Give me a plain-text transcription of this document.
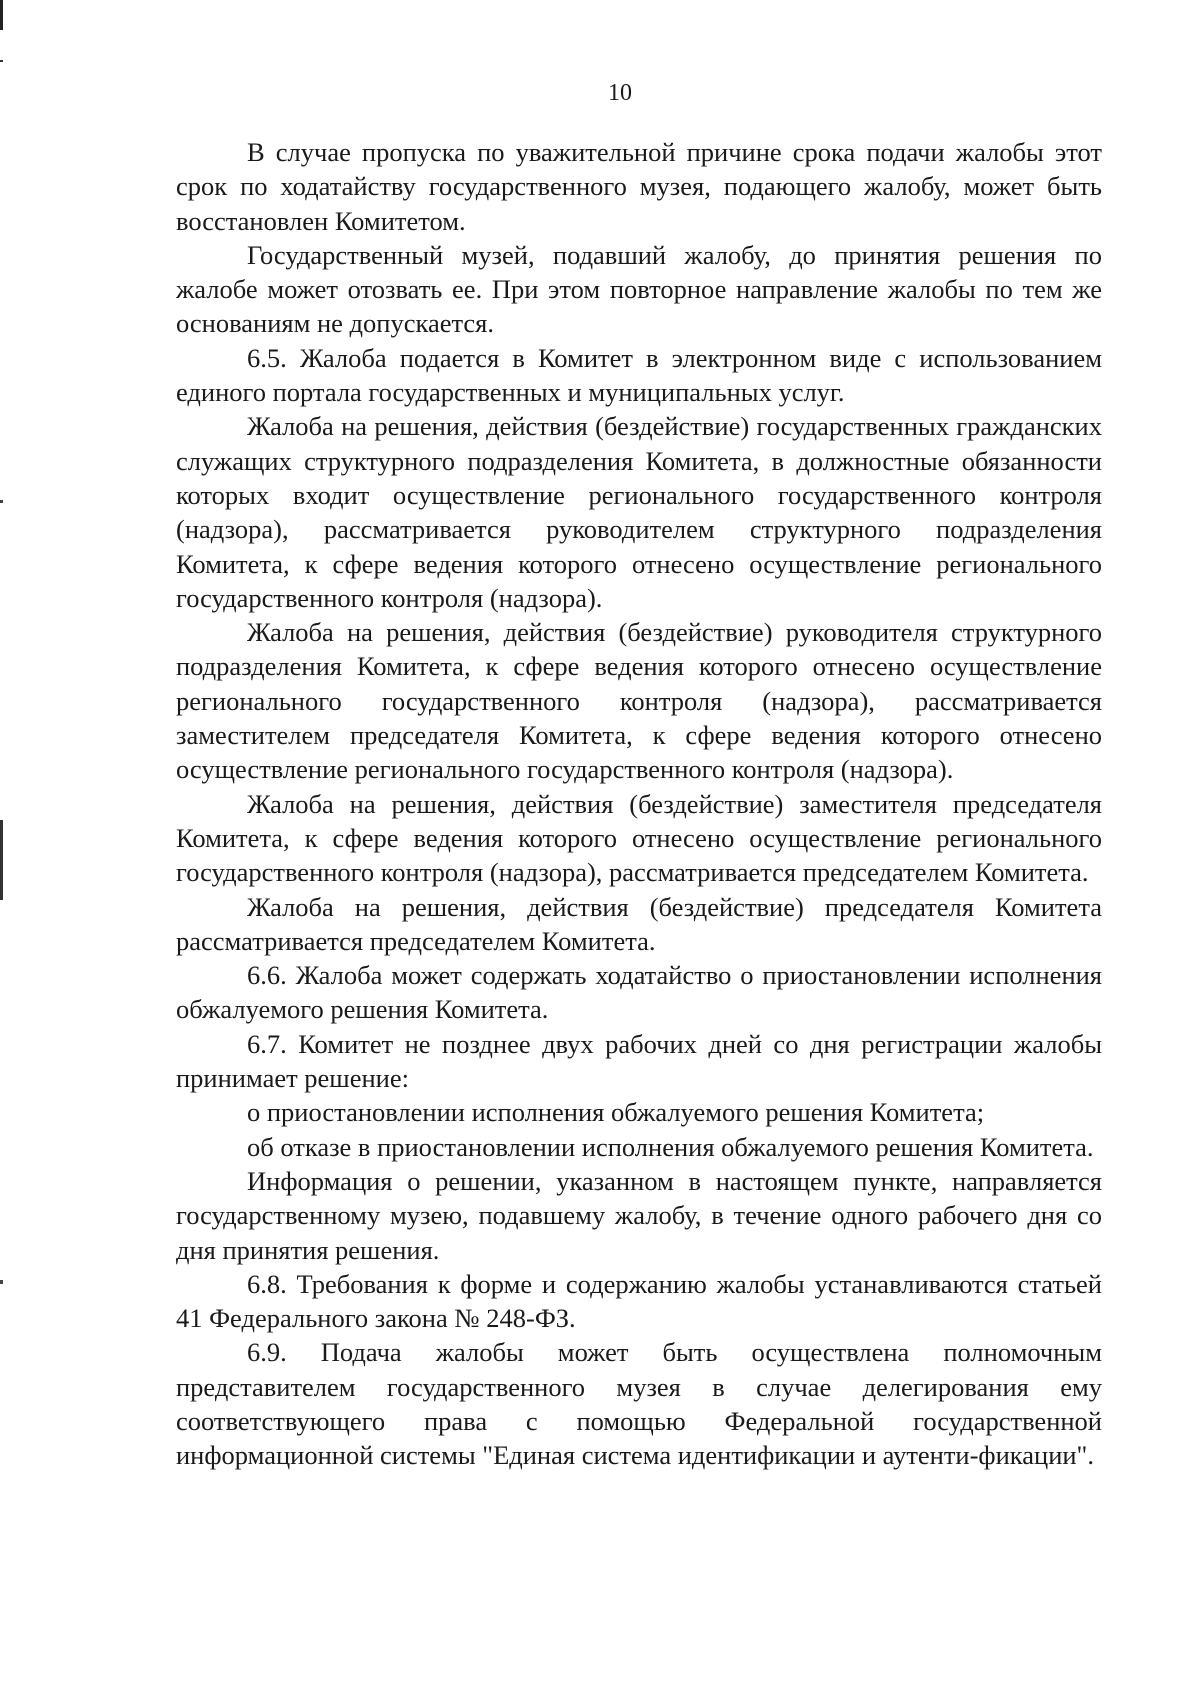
10

В случае пропуска по уважительной причине срока подачи жалобы этот срок по ходатайству государственного музея, подающего жалобу, может быть восстановлен Комитетом.

Государственный музей, подавший жалобу, до принятия решения по жалобе может отозвать ее. При этом повторное направление жалобы по тем же основаниям не допускается.

6.5. Жалоба подается в Комитет в электронном виде с использованием единого портала государственных и муниципальных услуг.

Жалоба на решения, действия (бездействие) государственных гражданских служащих структурного подразделения Комитета, в должностные обязанности которых входит осуществление регионального государственного контроля (надзора), рассматривается руководителем структурного подразделения Комитета, к сфере ведения которого отнесено осуществление регионального государственного контроля (надзора).

Жалоба на решения, действия (бездействие) руководителя структурного подразделения Комитета, к сфере ведения которого отнесено осуществление регионального государственного контроля (надзора), рассматривается заместителем председателя Комитета, к сфере ведения которого отнесено осуществление регионального государственного контроля (надзора).

Жалоба на решения, действия (бездействие) заместителя председателя Комитета, к сфере ведения которого отнесено осуществление регионального государственного контроля (надзора), рассматривается председателем Комитета.

Жалоба на решения, действия (бездействие) председателя Комитета рассматривается председателем Комитета.

6.6. Жалоба может содержать ходатайство о приостановлении исполнения обжалуемого решения Комитета.

6.7. Комитет не позднее двух рабочих дней со дня регистрации жалобы принимает решение:

о приостановлении исполнения обжалуемого решения Комитета;

об отказе в приостановлении исполнения обжалуемого решения Комитета.

Информация о решении, указанном в настоящем пункте, направляется государственному музею, подавшему жалобу, в течение одного рабочего дня со дня принятия решения.

6.8. Требования к форме и содержанию жалобы устанавливаются статьей 41 Федерального закона № 248-ФЗ.

6.9. Подача жалобы может быть осуществлена полномочным представителем государственного музея в случае делегирования ему соответствующего права с помощью Федеральной государственной информационной системы "Единая система идентификации и аутенти-фикации".
